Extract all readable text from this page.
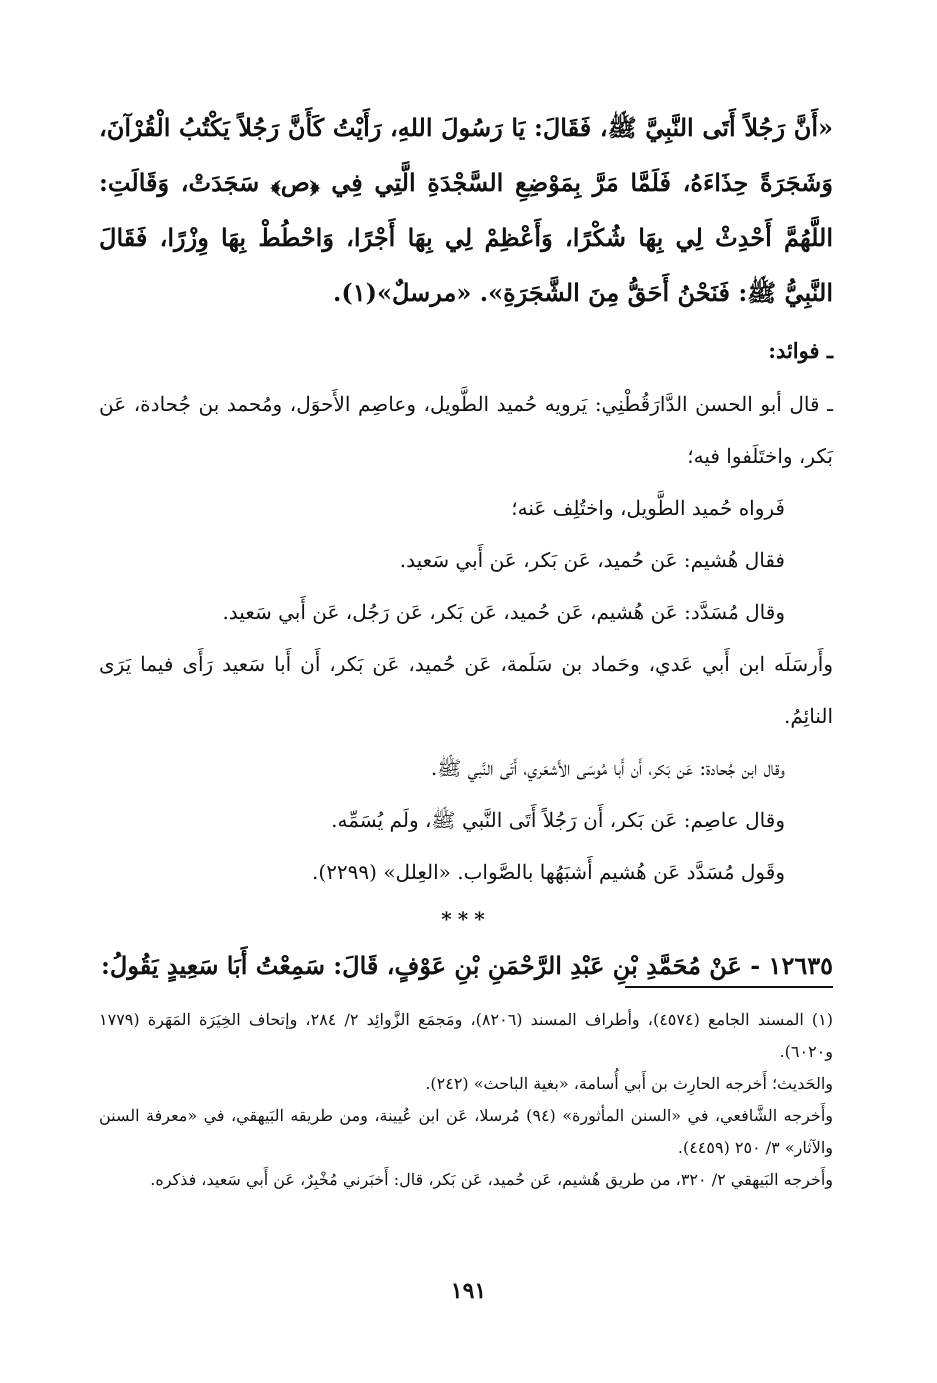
«أَنَّ رَجُلاً أَتَى النَّبِيَّ ﷺ، فَقَالَ: يَا رَسُولَ اللهِ، رَأَيْتُ كَأَنَّ رَجُلاً يَكْتُبُ الْقُرْآنَ، وَشَجَرَةً حِذَاءَهُ، فَلَمَّا مَرَّ بِمَوْضِعِ السَّجْدَةِ الَّتِي فِي ﴿ص﴾ سَجَدَتْ، وَقَالَتِ: اللَّهُمَّ أَحْدِثْ لِي بِهَا شُكْرًا، وَأَعْظِمْ لِي بِهَا أَجْرًا، وَاحْطُطْ بِهَا وِزْرًا، فَقَالَ النَّبِيُّ ﷺ: فَنَحْنُ أَحَقُّ مِنَ الشَّجَرَةِ». «مرسلٌ»(١).

ـ فوائد:

ـ قال أبو الحسن الدَّارَقُطْنِي: يَرويه حُميد الطَّويل، وعاصِم الأَحوَل، ومُحمد بن جُحادة، عَن بَكر، واختَلَفوا فيه؛

فَرواه حُميد الطَّويل، واختُلِف عَنه؛

فقال هُشيم: عَن حُميد، عَن بَكر، عَن أَبي سَعيد.

وقال مُسَدَّد: عَن هُشيم، عَن حُميد، عَن بَكر، عَن رَجُل، عَن أَبي سَعيد.

وأَرسَلَه ابن أَبي عَدي، وحَماد بن سَلَمة، عَن حُميد، عَن بَكر، أَن أَبا سَعيد رَأَى فيما يَرَى النائِمُ.

وقال ابن جُحادة: عَن بَكر، أَن أَبا مُوسَى الأَشعَري، أَتَى النَّبي ﷺ.

وقال عاصِم: عَن بَكر، أَن رَجُلاً أَتَى النَّبي ﷺ، ولَم يُسَمِّه.

وقَول مُسَدَّد عَن هُشيم أَشبَهُها بالصَّواب. «العِلل» (٢٢٩٩).

***

١٢٦٣٥ - عَنْ مُحَمَّدِ بْنِ عَبْدِ الرَّحْمَنِ بْنِ عَوْفٍ، قَالَ: سَمِعْتُ أَبَا سَعِيدٍ يَقُولُ:

(١) المسند الجامع (٤٥٧٤)، وأطراف المسند (٨٢٠٦)، ومَجمَع الزَّوائِد ٢/ ٢٨٤، وإتحاف الخِيَرَة المَهَرة (١٧٧٩ و٦٠٢٠).

والحَديث؛ أَخرجه الحارِث بن أَبي أُسامة، «بغية الباحث» (٢٤٢).

وأَخرجه الشَّافعي، في «السنن المأثورة» (٩٤) مُرسلا، عَن ابن عُيينة، ومن طريقه البَيهقي، في «معرفة السنن والآثار» ٣/ ٢٥٠ (٤٤٥٩).

وأَخرجه البَيهقي ٢/ ٣٢٠، من طريق هُشيم، عَن حُميد، عَن بَكر، قال: أَخبَرني مُخْبِرٌ، عَن أَبي سَعيد، فذكره.

١٩١
